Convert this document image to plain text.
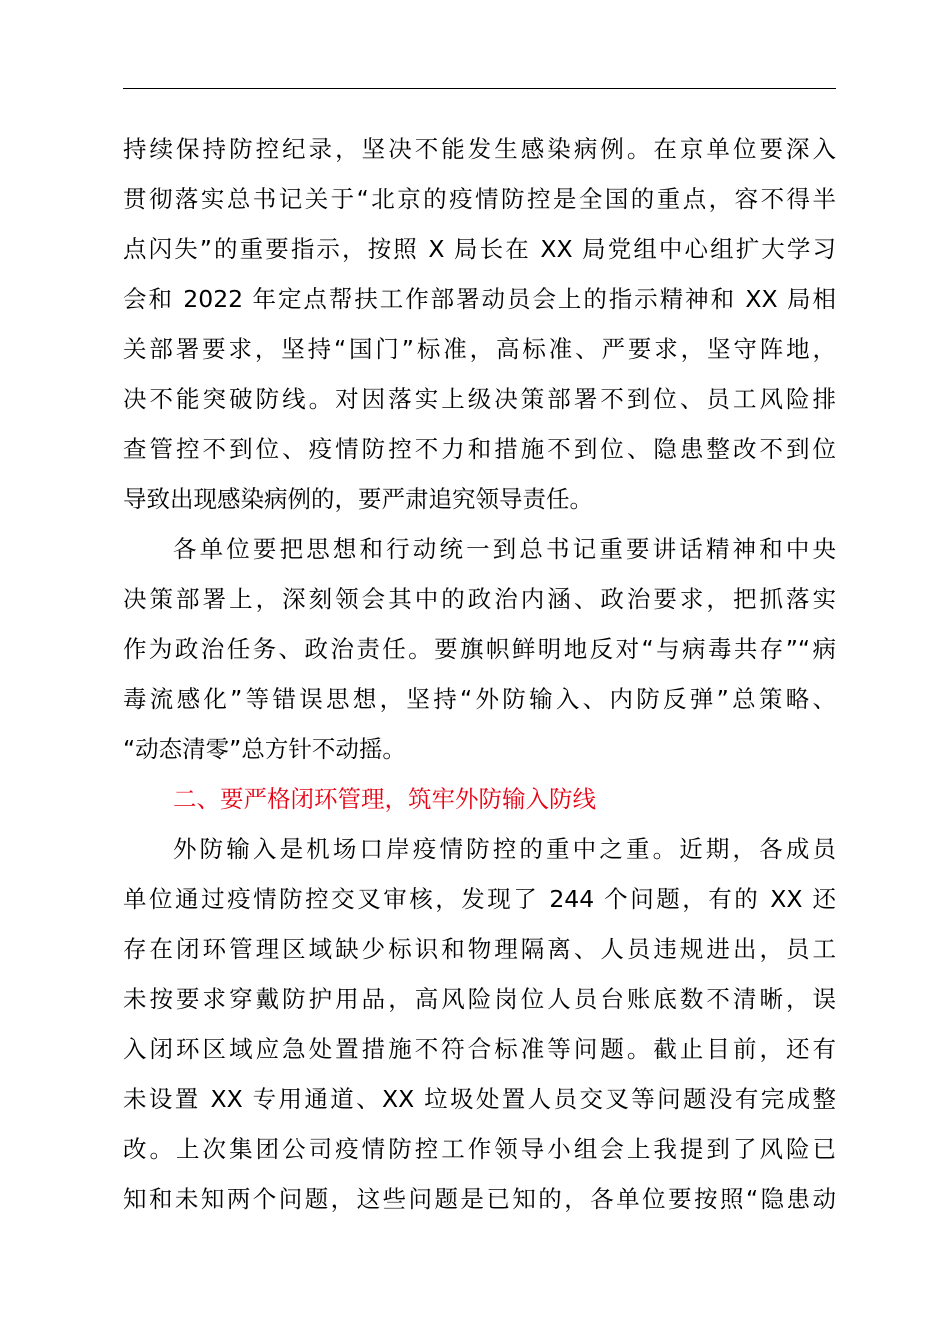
持续保持防控纪录，坚决不能发生感染病例。在京单位要深入
贯彻落实总书记关于“北京的疫情防控是全国的重点，容不得半
点闪失”的重要指示，按照 X 局长在 XX 局党组中心组扩大学习
会和 2022 年定点帮扶工作部署动员会上的指示精神和 XX 局相
关部署要求，坚持“国门”标准，高标准、严要求，坚守阵地，
决不能突破防线。对因落实上级决策部署不到位、员工风险排
查管控不到位、疫情防控不力和措施不到位、隐患整改不到位
导致出现感染病例的，要严肃追究领导责任。
各单位要把思想和行动统一到总书记重要讲话精神和中央
决策部署上，深刻领会其中的政治内涵、政治要求，把抓落实
作为政治任务、政治责任。要旗帜鲜明地反对“与病毒共存”“病
毒流感化”等错误思想，坚持“外防输入、内防反弹”总策略、
“动态清零”总方针不动摇。
二、要严格闭环管理，筑牢外防输入防线
外防输入是机场口岸疫情防控的重中之重。近期，各成员
单位通过疫情防控交叉审核，发现了 244 个问题，有的 XX 还
存在闭环管理区域缺少标识和物理隔离、人员违规进出，员工
未按要求穿戴防护用品，高风险岗位人员台账底数不清晰，误
入闭环区域应急处置措施不符合标准等问题。截止目前，还有
未设置 XX 专用通道、XX 垃圾处置人员交叉等问题没有完成整
改。上次集团公司疫情防控工作领导小组会上我提到了风险已
知和未知两个问题，这些问题是已知的，各单位要按照“隐患动
